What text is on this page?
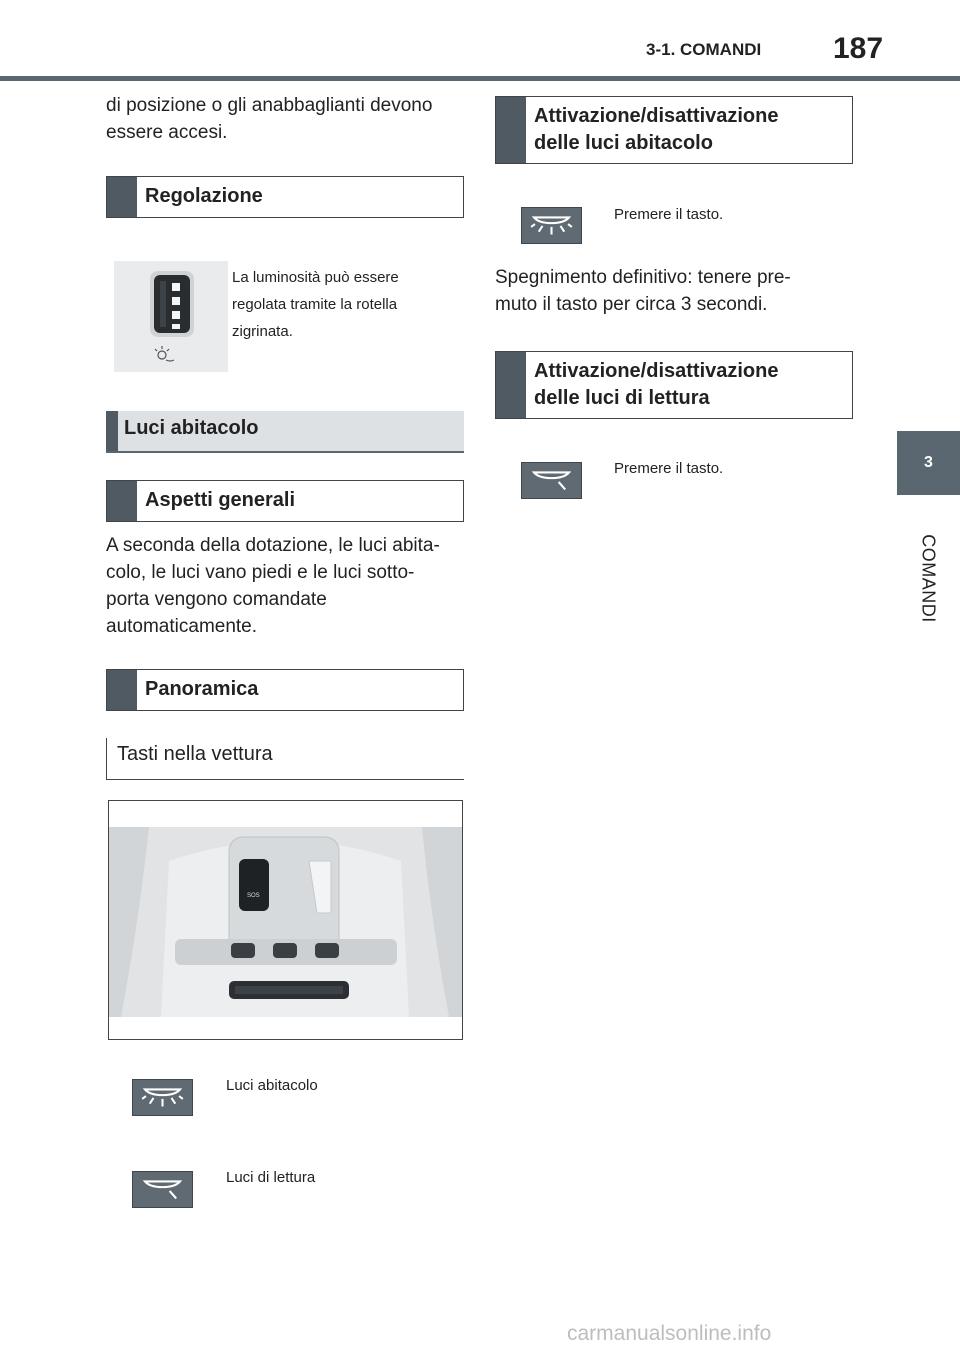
3-1. COMANDI 187
3
COMANDI
di posizione o gli anabbaglianti devono
essere accesi.
Regolazione
La luminosità può essere
regolata tramite la rotella
zigrinata.
Luci abitacolo
Aspetti generali
A seconda della dotazione, le luci abita-
colo, le luci vano piedi e le luci sotto-
porta vengono comandate
automaticamente.
Panoramica
Tasti nella vettura
SOS
Luci abitacolo
Luci di lettura
Attivazione/disattivazione
delle luci abitacolo
Premere il tasto.
Spegnimento definitivo: tenere pre-
muto il tasto per circa 3 secondi.
Attivazione/disattivazione
delle luci di lettura
Premere il tasto.
carmanualsonline.info
